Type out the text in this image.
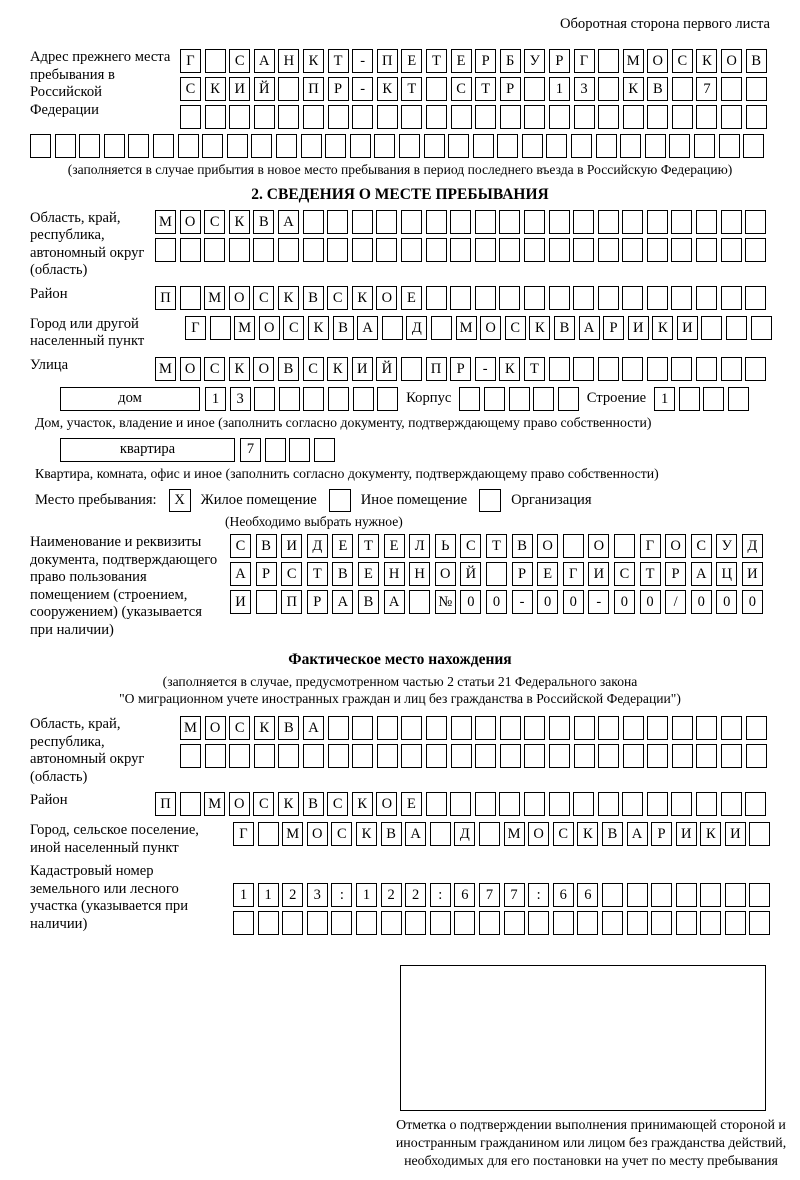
Оборотная сторона первого листа
Адрес прежнего места пребывания в Российской Федерации
Г	С	А Н	К	Т	-	П	Е	Т	Е	Р	Б	У	Р	Г	М О	С	К	О	В
С	К	И Й	П	Р	-	К	Т	С	Т	Р	1	3	К	В	7
(заполняется в случае прибытия в новое место пребывания в период последнего въезда в Российскую Федерацию)
2. СВЕДЕНИЯ О МЕСТЕ ПРЕБЫВАНИЯ
Область, край, республика, автономный округ (область)
М О	С	К	В	А
Район	П	М О	С	К	В	С	К	О	Е
Город или другой населенный пункт
Г	М О	С	К	В	А	Д	М О	С	К	В	А	Р	И	К	И
Улица	М О	С	К	О	В	С	К	И Й	П	Р	-	К	Т
дом	1	3	Корпус	Строение	1
Дом, участок, владение и иное (заполнить согласно документу, подтверждающему право собственности)
квартира	7
Квартира, комната, офис и иное (заполнить согласно документу, подтверждающему право собственности)
Место пребывания:	X	Жилое помещение	Иное помещение	Организация
(Необходимо выбрать нужное)
Наименование и реквизиты документа, подтверждающего право пользования помещением (строением, сооружением) (указывается при наличии)
С	В	И	Д	Е	Т	Е	Л	Ь	С	Т	В	О	О	Г	О	С	У	Д
А	Р	С	Т	В	Е	Н	Н	О	Й	Р	Е	Г	И	С	Т	Р	А	Ц	И
И	П	Р	А	В	А	№	0	0	-	0	0	-	0	0	/	0	0	0
Фактическое место нахождения
(заполняется в случае, предусмотренном частью 2 статьи 21 Федерального закона
"О миграционном учете иностранных граждан и лиц без гражданства в Российской Федерации")
Область, край, республика, автономный округ (область)
М О	С	К	В	А
Район	П	М О	С	К	В	С	К	О	Е
Город, сельское поселение, иной населенный пункт
Г	М О	С	К	В	А	Д	М О	С	К	В	А	Р	И	К	И
Кадастровый номер земельного или лесного участка (указывается при наличии)
1	1	2	3	:	1	2	2	:	6	7	7	:	6	6
Отметка о подтверждении выполнения принимающей стороной и иностранным гражданином или лицом без гражданства действий, необходимых для его постановки на учет по месту пребывания
